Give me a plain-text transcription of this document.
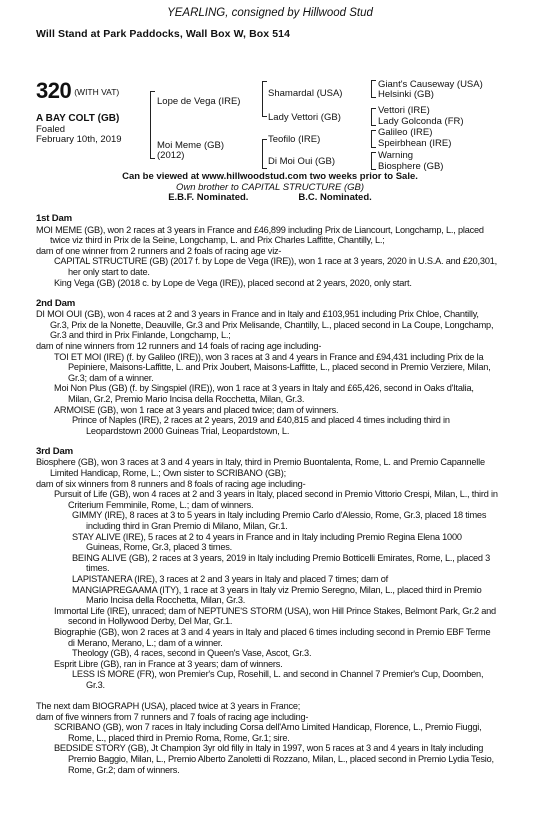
YEARLING, consigned by Hillwood Stud
Will Stand at Park Paddocks, Wall Box W, Box 514
320 (WITH VAT)
A BAY COLT (GB)
Foaled
February 10th, 2019
Lope de Vega (IRE)
Moi Meme (GB)
(2012)
Shamardal (USA)
Lady Vettori (GB)
Teofilo (IRE)
Di Moi Oui (GB)
Giant's Causeway (USA)
Helsinki (GB)
Vettori (IRE)
Lady Golconda (FR)
Galileo (IRE)
Speirbhean (IRE)
Warning
Biosphere (GB)
Can be viewed at www.hillwoodstud.com two weeks prior to Sale.
Own brother to CAPITAL STRUCTURE (GB)
E.B.F. Nominated.	B.C. Nominated.

1st Dam

MOI MEME (GB), won 2 races at 3 years in France and £46,899 including Prix de Liancourt, Longchamp, L., placed twice viz third in Prix de la Seine, Longchamp, L. and Prix Charles Laffitte, Chantilly, L.;

dam of one winner from 2 runners and 2 foals of racing age viz-

CAPITAL STRUCTURE (GB) (2017 f. by Lope de Vega (IRE)), won 1 race at 3 years, 2020 in U.S.A. and £20,301, her only start to date.

King Vega (GB) (2018 c. by Lope de Vega (IRE)), placed second at 2 years, 2020, only start.

2nd Dam

DI MOI OUI (GB), won 4 races at 2 and 3 years in France and in Italy and £103,951 including Prix Chloe, Chantilly, Gr.3, Prix de la Nonette, Deauville, Gr.3 and Prix Melisande, Chantilly, L., placed second in La Coupe, Longchamp, Gr.3 and third in Prix Finlande, Longchamp, L.;

dam of nine winners from 12 runners and 14 foals of racing age including-

TOI ET MOI (IRE) (f. by Galileo (IRE)), won 3 races at 3 and 4 years in France and £94,431 including Prix de la Pepiniere, Maisons-Laffitte, L. and Prix Joubert, Maisons-Laffitte, L., placed second in Premio Verziere, Milan, Gr.3; dam of a winner.

Moi Non Plus (GB) (f. by Singspiel (IRE)), won 1 race at 3 years in Italy and £65,426, second in Oaks d'Italia, Milan, Gr.2, Premio Mario Incisa della Rocchetta, Milan, Gr.3.

ARMOISE (GB), won 1 race at 3 years and placed twice; dam of winners.

Prince of Naples (IRE), 2 races at 2 years, 2019 and £40,815 and placed 4 times including third in Leopardstown 2000 Guineas Trial, Leopardstown, L.

3rd Dam

Biosphere (GB), won 3 races at 3 and 4 years in Italy, third in Premio Buontalenta, Rome, L. and Premio Capannelle Limited Handicap, Rome, L.; Own sister to SCRIBANO (GB);

dam of six winners from 8 runners and 8 foals of racing age including-

Pursuit of Life (GB), won 4 races at 2 and 3 years in Italy, placed second in Premio Vittorio Crespi, Milan, L., third in Criterium Femminile, Rome, L.; dam of winners.

GIMMY (IRE), 8 races at 3 to 5 years in Italy including Premio Carlo d'Alessio, Rome, Gr.3, placed 18 times including third in Gran Premio di Milano, Milan, Gr.1.

STAY ALIVE (IRE), 5 races at 2 to 4 years in France and in Italy including Premio Regina Elena 1000 Guineas, Rome, Gr.3, placed 3 times.

BEING ALIVE (GB), 2 races at 3 years, 2019 in Italy including Premio Botticelli Emirates, Rome, L., placed 3 times.

LAPISTANERA (IRE), 3 races at 2 and 3 years in Italy and placed 7 times; dam of

MANGIAPREGAAMA (ITY), 1 race at 3 years in Italy viz Premio Seregno, Milan, L., placed third in Premio Mario Incisa della Rocchetta, Milan, Gr.3.

Immortal Life (IRE), unraced; dam of NEPTUNE'S STORM (USA), won Hill Prince Stakes, Belmont Park, Gr.2 and second in Hollywood Derby, Del Mar, Gr.1.

Biographie (GB), won 2 races at 3 and 4 years in Italy and placed 6 times including second in Premio EBF Terme di Merano, Merano, L.; dam of a winner.

Theology (GB), 4 races, second in Queen's Vase, Ascot, Gr.3.

Esprit Libre (GB), ran in France at 3 years; dam of winners.

LESS IS MORE (FR), won Premier's Cup, Rosehill, L. and second in Channel 7 Premier's Cup, Doomben, Gr.3.

The next dam BIOGRAPH (USA), placed twice at 3 years in France;

dam of five winners from 7 runners and 7 foals of racing age including-

SCRIBANO (GB), won 7 races in Italy including Corsa dell'Arno Limited Handicap, Florence, L., Premio Fiuggi, Rome, L., placed third in Premio Roma, Rome, Gr.1; sire.

BEDSIDE STORY (GB), Jt Champion 3yr old filly in Italy in 1997, won 5 races at 3 and 4 years in Italy including Premio Baggio, Milan, L., Premio Alberto Zanoletti di Rozzano, Milan, L., placed second in Premio Lydia Tesio, Rome, Gr.2; dam of winners.
